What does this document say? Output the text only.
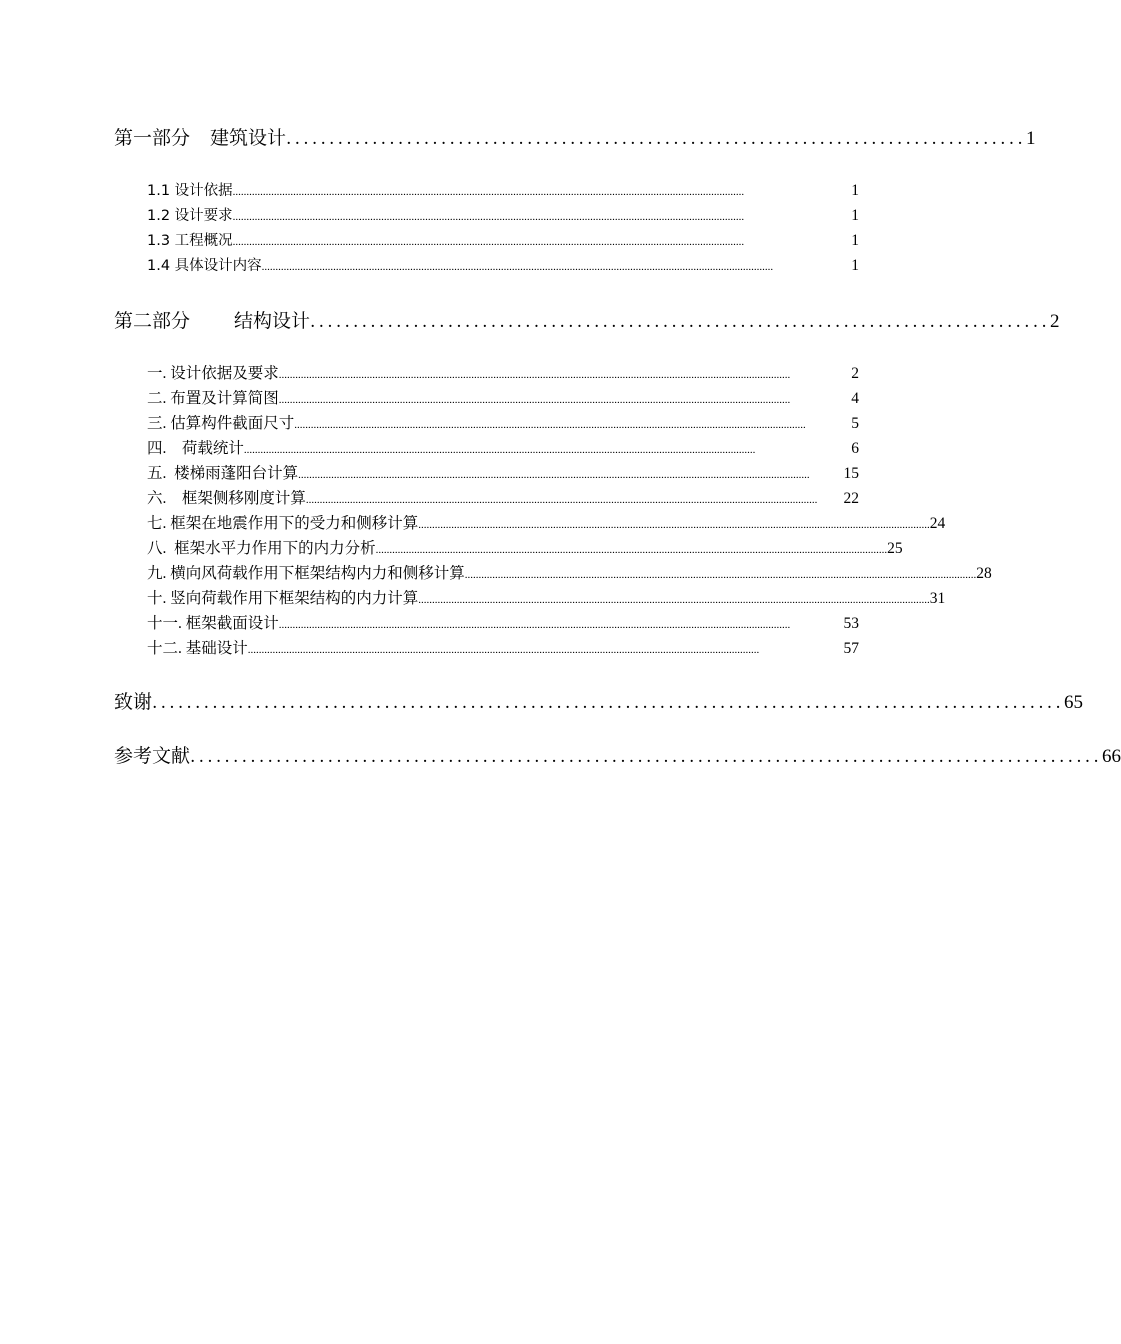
第一部分 建筑设计 ...................................................................................... 1
1.1 设计依据 ..........................................................................................................................................................................................	1
1.2 设计要求 ..........................................................................................................................................................................................	1
1.3 工程概况 ..........................................................................................................................................................................................	1
1.4 具体设计内容 ..........................................................................................................................................................................................	1
第二部分 结构设计 ...................................................................................... 2
一. 设计依据及要求 ..........................................................................................................................................................................................	2
二. 布置及计算简图 ..........................................................................................................................................................................................	4
三. 估算构件截面尺寸 ..........................................................................................................................................................................................	5
四.    荷载统计 ..........................................................................................................................................................................................	6
五.  楼梯雨蓬阳台计算 ..........................................................................................................................................................................................	15
六.    框架侧移刚度计算 ..........................................................................................................................................................................................	22
七. 框架在地震作用下的受力和侧移计算 .......................................................................................................................................................................................... 24
八.  框架水平力作用下的内力分析 .......................................................................................................................................................................................... 25
九. 横向风荷载作用下框架结构内力和侧移计算 .......................................................................................................................................................................................... 28
十. 竖向荷载作用下框架结构的内力计算 .......................................................................................................................................................................................... 31
十一. 框架截面设计 ..........................................................................................................................................................................................	53
十二. 基础设计 ..........................................................................................................................................................................................	57
致谢 .......................................................................................................... 65
参考文献 .......................................................................................................... 66
